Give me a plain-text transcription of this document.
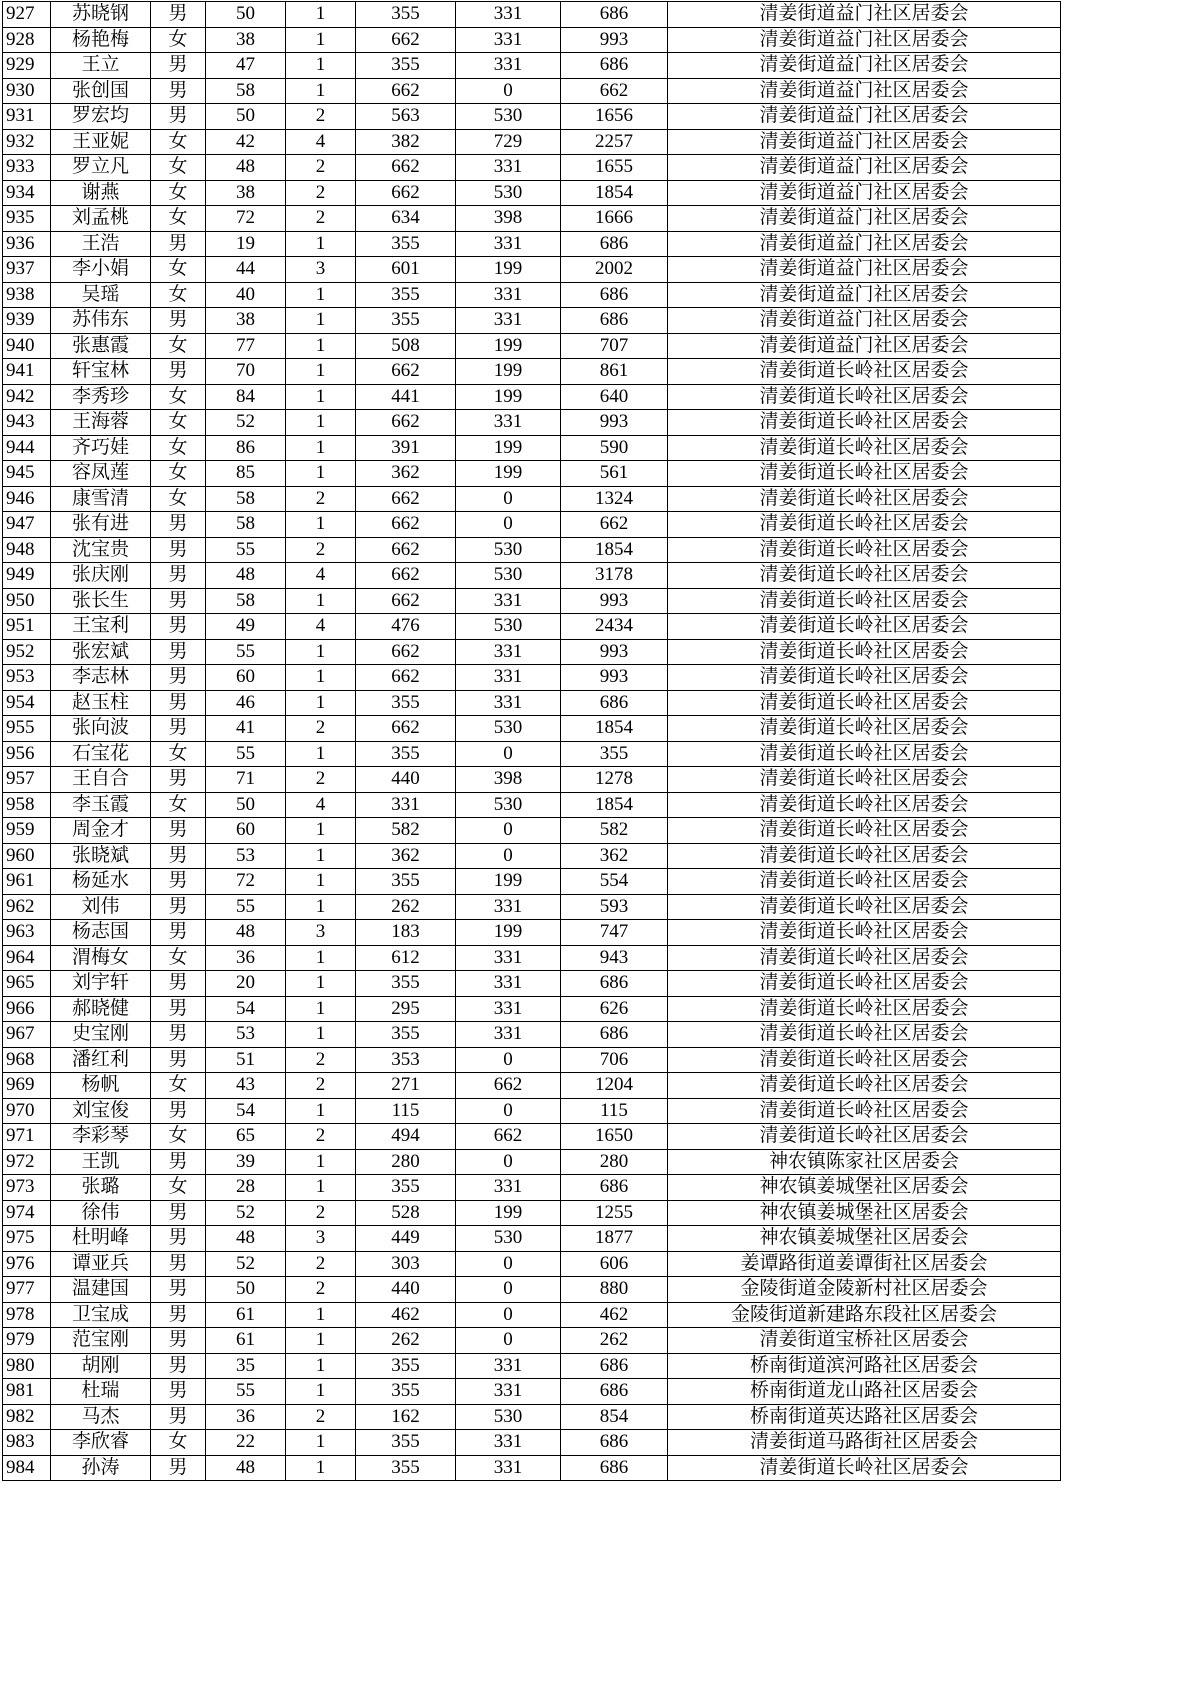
927	苏晓钢	男	50	1	355	331	686	清姜街道益门社区居委会
928	杨艳梅	女	38	1	662	331	993	清姜街道益门社区居委会
929	王立	男	47	1	355	331	686	清姜街道益门社区居委会
930	张创国	男	58	1	662	0	662	清姜街道益门社区居委会
931	罗宏均	男	50	2	563	530	1656	清姜街道益门社区居委会
932	王亚妮	女	42	4	382	729	2257	清姜街道益门社区居委会
933	罗立凡	女	48	2	662	331	1655	清姜街道益门社区居委会
934	谢燕	女	38	2	662	530	1854	清姜街道益门社区居委会
935	刘孟桃	女	72	2	634	398	1666	清姜街道益门社区居委会
936	王浩	男	19	1	355	331	686	清姜街道益门社区居委会
937	李小娟	女	44	3	601	199	2002	清姜街道益门社区居委会
938	吴瑶	女	40	1	355	331	686	清姜街道益门社区居委会
939	苏伟东	男	38	1	355	331	686	清姜街道益门社区居委会
940	张惠霞	女	77	1	508	199	707	清姜街道益门社区居委会
941	轩宝林	男	70	1	662	199	861	清姜街道长岭社区居委会
942	李秀珍	女	84	1	441	199	640	清姜街道长岭社区居委会
943	王海蓉	女	52	1	662	331	993	清姜街道长岭社区居委会
944	齐巧娃	女	86	1	391	199	590	清姜街道长岭社区居委会
945	容凤莲	女	85	1	362	199	561	清姜街道长岭社区居委会
946	康雪清	女	58	2	662	0	1324	清姜街道长岭社区居委会
947	张有进	男	58	1	662	0	662	清姜街道长岭社区居委会
948	沈宝贵	男	55	2	662	530	1854	清姜街道长岭社区居委会
949	张庆刚	男	48	4	662	530	3178	清姜街道长岭社区居委会
950	张长生	男	58	1	662	331	993	清姜街道长岭社区居委会
951	王宝利	男	49	4	476	530	2434	清姜街道长岭社区居委会
952	张宏斌	男	55	1	662	331	993	清姜街道长岭社区居委会
953	李志林	男	60	1	662	331	993	清姜街道长岭社区居委会
954	赵玉柱	男	46	1	355	331	686	清姜街道长岭社区居委会
955	张向波	男	41	2	662	530	1854	清姜街道长岭社区居委会
956	石宝花	女	55	1	355	0	355	清姜街道长岭社区居委会
957	王自合	男	71	2	440	398	1278	清姜街道长岭社区居委会
958	李玉霞	女	50	4	331	530	1854	清姜街道长岭社区居委会
959	周金才	男	60	1	582	0	582	清姜街道长岭社区居委会
960	张晓斌	男	53	1	362	0	362	清姜街道长岭社区居委会
961	杨延水	男	72	1	355	199	554	清姜街道长岭社区居委会
962	刘伟	男	55	1	262	331	593	清姜街道长岭社区居委会
963	杨志国	男	48	3	183	199	747	清姜街道长岭社区居委会
964	渭梅女	女	36	1	612	331	943	清姜街道长岭社区居委会
965	刘宇轩	男	20	1	355	331	686	清姜街道长岭社区居委会
966	郝晓健	男	54	1	295	331	626	清姜街道长岭社区居委会
967	史宝刚	男	53	1	355	331	686	清姜街道长岭社区居委会
968	潘红利	男	51	2	353	0	706	清姜街道长岭社区居委会
969	杨帆	女	43	2	271	662	1204	清姜街道长岭社区居委会
970	刘宝俊	男	54	1	115	0	115	清姜街道长岭社区居委会
971	李彩琴	女	65	2	494	662	1650	清姜街道长岭社区居委会
972	王凯	男	39	1	280	0	280	神农镇陈家社区居委会
973	张璐	女	28	1	355	331	686	神农镇姜城堡社区居委会
974	徐伟	男	52	2	528	199	1255	神农镇姜城堡社区居委会
975	杜明峰	男	48	3	449	530	1877	神农镇姜城堡社区居委会
976	谭亚兵	男	52	2	303	0	606	姜谭路街道姜谭街社区居委会
977	温建国	男	50	2	440	0	880	金陵街道金陵新村社区居委会
978	卫宝成	男	61	1	462	0	462	金陵街道新建路东段社区居委会
979	范宝刚	男	61	1	262	0	262	清姜街道宝桥社区居委会
980	胡刚	男	35	1	355	331	686	桥南街道滨河路社区居委会
981	杜瑞	男	55	1	355	331	686	桥南街道龙山路社区居委会
982	马杰	男	36	2	162	530	854	桥南街道英达路社区居委会
983	李欣睿	女	22	1	355	331	686	清姜街道马路街社区居委会
984	孙涛	男	48	1	355	331	686	清姜街道长岭社区居委会
